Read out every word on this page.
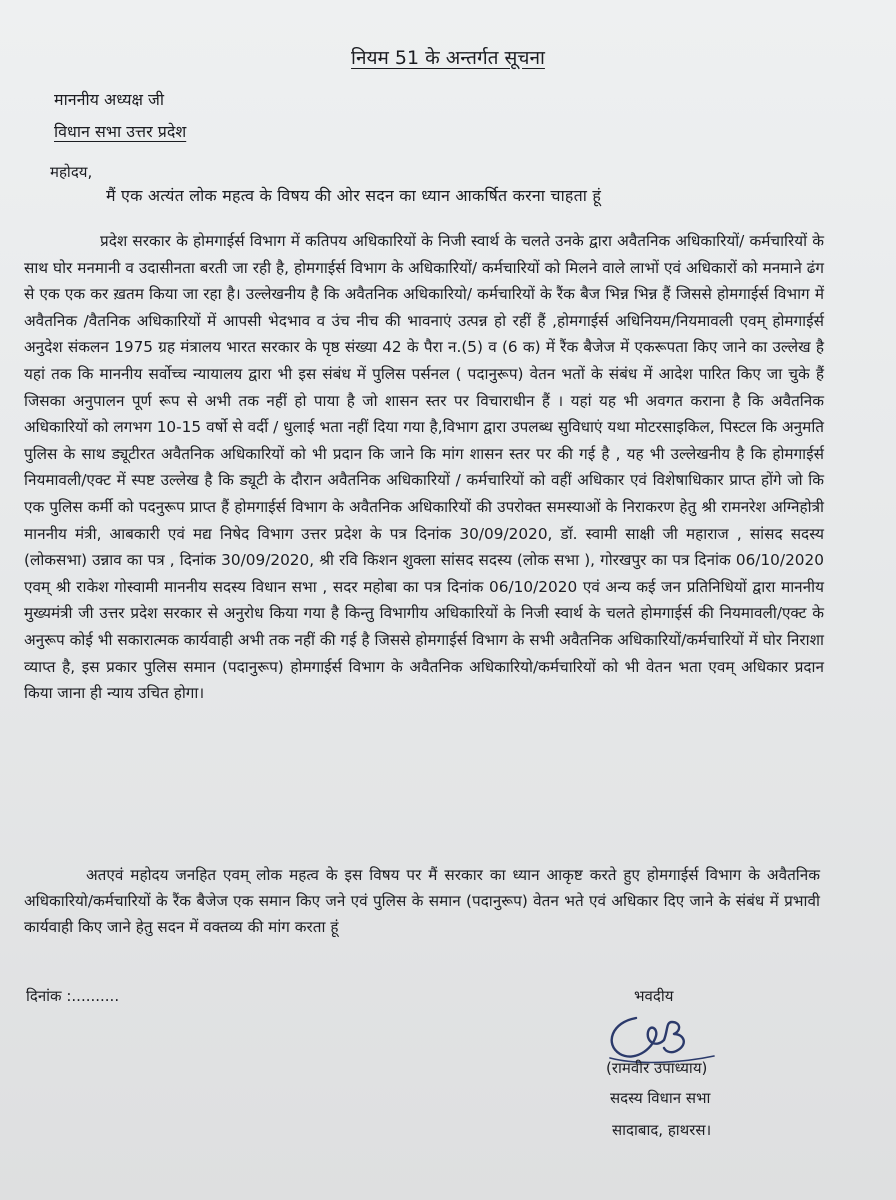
नियम 51 के अन्तर्गत सूचना
माननीय अध्यक्ष जी
विधान सभा उत्तर प्रदेश
महोदय,
मैं एक अत्यंत लोक महत्व के विषय की ओर सदन का ध्यान आकर्षित करना चाहता हूं

प्रदेश सरकार के होमगाईर्स विभाग में कतिपय अधिकारियों के निजी स्वार्थ के चलते उनके द्वारा अवैतनिक अधिकारियों/ कर्मचारियों के साथ घोर मनमानी व उदासीनता बरती जा रही है, होमगाईर्स विभाग के अधिकारियों/ कर्मचारियों को मिलने वाले लाभों एवं अधिकारों को मनमाने ढंग से एक एक कर ख़तम किया जा रहा है। उल्लेखनीय है कि अवैतनिक अधिकारियो/ कर्मचारियों के रैंक बैज भिन्न भिन्न हैं जिससे होमगाईर्स विभाग में अवैतनिक /वैतनिक अधिकारियों में आपसी भेदभाव व उंच नीच की भावनाएं उत्पन्न हो रहीं हैं ,होमगाईर्स अधिनियम/नियमावली एवम् होमगाईर्स अनुदेश संकलन 1975 ग्रह मंत्रालय भारत सरकार के पृष्ठ संख्या 42 के पैरा न.(5) व (6 क) में रैंक बैजेज में एकरूपता किए जाने का उल्लेख है यहां तक कि माननीय सर्वोच्च न्यायालय द्वारा भी इस संबंध में पुलिस पर्सनल ( पदानुरूप) वेतन भतों के संबंध में आदेश पारित किए जा चुके हैं जिसका अनुपालन पूर्ण रूप से अभी तक नहीं हो पाया है जो शासन स्तर पर विचाराधीन हैं । यहां यह भी अवगत कराना है कि अवैतनिक अधिकारियों को लगभग 10-15 वर्षो से वर्दी / धुलाई भता नहीं दिया गया है,विभाग द्वारा उपलब्ध सुविधाएं यथा मोटरसाइकिल, पिस्टल कि अनुमति पुलिस के साथ ड्यूटीरत अवैतनिक अधिकारियों को भी प्रदान कि जाने कि मांग शासन स्तर पर की गई है , यह भी उल्लेखनीय है कि होमगाईर्स नियमावली/एक्ट में स्पष्ट उल्लेख है कि ड्यूटी के दौरान अवैतनिक अधिकारियों / कर्मचारियों को वहीं अधिकार एवं विशेषाधिकार प्राप्त होंगे जो कि एक पुलिस कर्मी को पदनुरूप प्राप्त हैं होमगाईर्स विभाग के अवैतनिक अधिकारियों की उपरोक्त समस्याओं के निराकरण हेतु श्री रामनरेश अग्निहोत्री माननीय मंत्री, आबकारी एवं मद्य निषेद विभाग उत्तर प्रदेश के पत्र दिनांक 30/09/2020, डॉ. स्वामी साक्षी जी महाराज , सांसद सदस्य (लोकसभा) उन्नाव का पत्र , दिनांक 30/09/2020, श्री रवि किशन शुक्ला सांसद सदस्य (लोक सभा ), गोरखपुर का पत्र दिनांक 06/10/2020 एवम् श्री राकेश गोस्वामी माननीय सदस्य विधान सभा , सदर महोबा का पत्र दिनांक 06/10/2020 एवं अन्य कई जन प्रतिनिधियों द्वारा माननीय मुख्यमंत्री जी उत्तर प्रदेश सरकार से अनुरोध किया गया है किन्तु विभागीय अधिकारियों के निजी स्वार्थ के चलते होमगाईर्स की नियमावली/एक्ट के अनुरूप कोई भी सकारात्मक कार्यवाही अभी तक नहीं की गई है जिससे होमगाईर्स विभाग के सभी अवैतनिक अधिकारियों/कर्मचारियों में घोर निराशा व्याप्त है, इस प्रकार पुलिस समान (पदानुरूप) होमगाईर्स विभाग के अवैतनिक अधिकारियो/कर्मचारियों को भी वेतन भता एवम् अधिकार प्रदान किया जाना ही न्याय उचित होगा।

अतएवं महोदय जनहित एवम् लोक महत्व के इस विषय पर मैं सरकार का ध्यान आकृष्ट करते हुए होमगाईर्स विभाग के अवैतनिक अधिकारियो/कर्मचारियों के रैंक बैजेज एक समान किए जने एवं पुलिस के समान (पदानुरूप) वेतन भते एवं अधिकार दिए जाने के संबंध में प्रभावी कार्यवाही किए जाने हेतु सदन में वक्तव्य की मांग करता हूं

दिनांक :..........	भवदीय
(रामवीर उपाध्याय)
सदस्य विधान सभा
सादाबाद, हाथरस।
